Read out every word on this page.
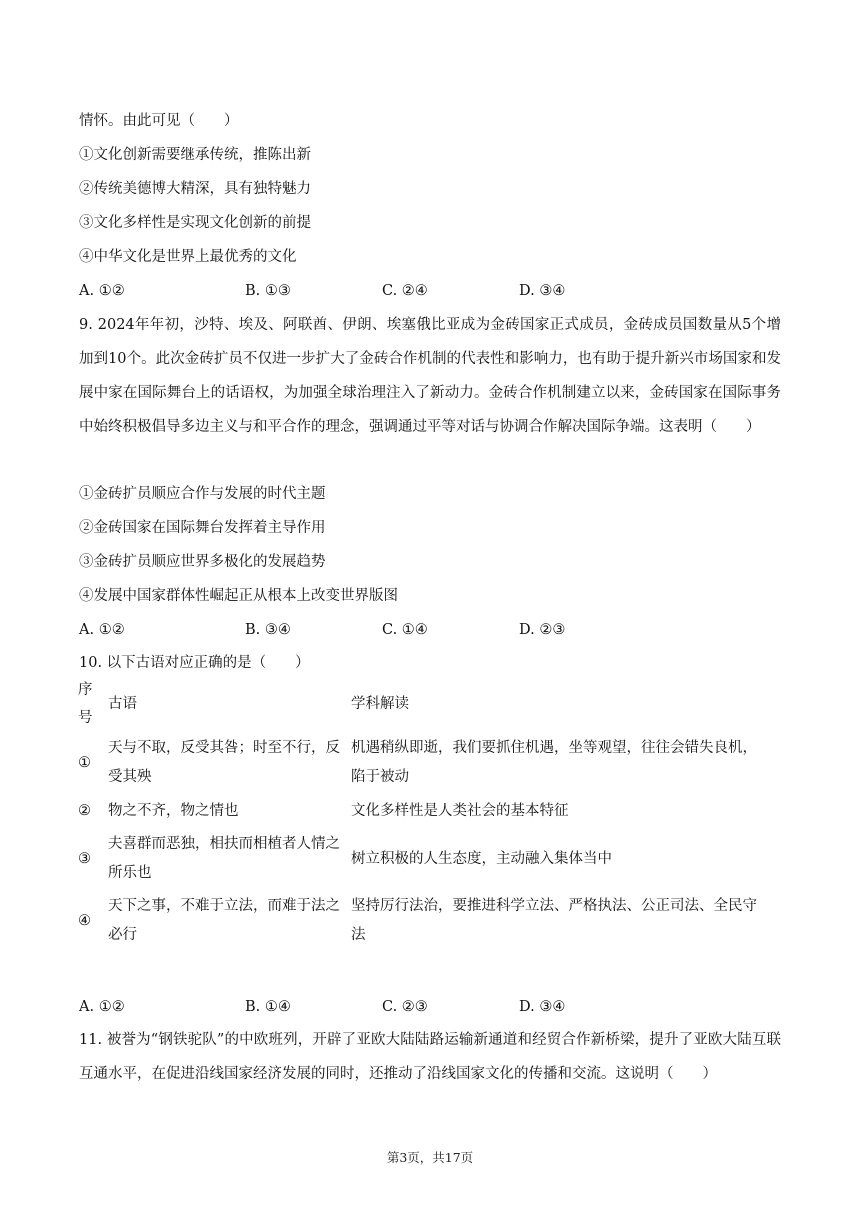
情怀。由此可见（　　）
①文化创新需要继承传统，推陈出新
②传统美德博大精深，具有独特魅力
③文化多样性是实现文化创新的前提
④中华文化是世界上最优秀的文化
A. ①②	B. ①③	C. ②④	D. ③④
9. 2024年年初，沙特、埃及、阿联酋、伊朗、埃塞俄比亚成为金砖国家正式成员，金砖成员国数量从5个增加到10个。此次金砖扩员不仅进一步扩大了金砖合作机制的代表性和影响力，也有助于提升新兴市场国家和发展中家在国际舞台上的话语权，为加强全球治理注入了新动力。金砖合作机制建立以来，金砖国家在国际事务中始终积极倡导多边主义与和平合作的理念，强调通过平等对话与协调合作解决国际争端。这表明（　　）
①金砖扩员顺应合作与发展的时代主题
②金砖国家在国际舞台发挥着主导作用
③金砖扩员顺应世界多极化的发展趋势
④发展中国家群体性崛起正从根本上改变世界版图
A. ①②	B. ③④	C. ①④	D. ②③
10. 以下古语对应正确的是（　　）
序号	古语	学科解读
①	天与不取，反受其咎；时至不行，反受其殃	机遇稍纵即逝，我们要抓住机遇，坐等观望，往往会错失良机，陷于被动
②	物之不齐，物之情也	文化多样性是人类社会的基本特征
③	夫喜群而恶独，相扶而相植者人情之所乐也	树立积极的人生态度，主动融入集体当中
④	天下之事，不难于立法，而难于法之必行	坚持厉行法治，要推进科学立法、严格执法、公正司法、全民守法
A. ①②	B. ①④	C. ②③	D. ③④
11. 被誉为“钢铁驼队”的中欧班列，开辟了亚欧大陆陆路运输新通道和经贸合作新桥梁，提升了亚欧大陆互联互通水平，在促进沿线国家经济发展的同时，还推动了沿线国家文化的传播和交流。这说明（　　）
第3页，共17页
